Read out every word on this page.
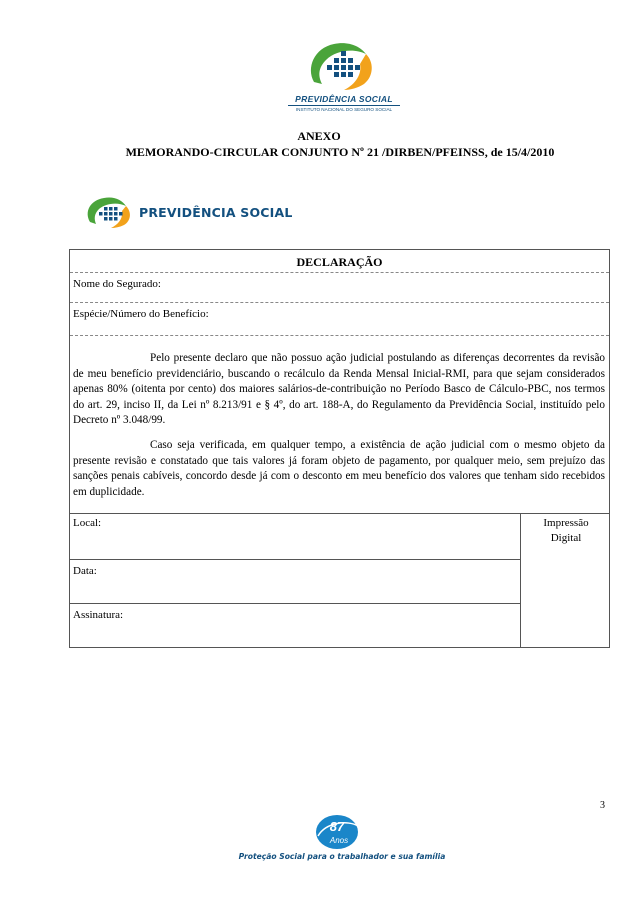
PREVIDÊNCIA SOCIAL
INSTITUTO NACIONAL DO SEGURO SOCIAL
ANEXO
MEMORANDO-CIRCULAR CONJUNTO Nº 21 /DIRBEN/PFEINSS, de 15/4/2010
PREVIDÊNCIA SOCIAL
DECLARAÇÃO
Nome do Segurado:
Espécie/Número do Benefício:

Pelo presente declaro que não possuo ação judicial postulando as diferenças decorrentes da revisão de meu benefício previdenciário, buscando o recálculo da Renda Mensal Inicial-RMI, para que sejam considerados apenas 80% (oitenta por cento) dos maiores salários-de-contribuição no Período Basco de Cálculo-PBC, nos termos do art. 29, inciso II, da Lei nº 8.213/91 e § 4º, do art. 188-A, do Regulamento da Previdência Social, instituído pelo Decreto nº 3.048/99.

Caso seja verificada, em qualquer tempo, a existência de ação judicial com o mesmo objeto da presente revisão e constatado que tais valores já foram objeto de pagamento, por qualquer meio, sem prejuízo das sanções penais cabíveis, concordo desde já com o desconto em meu benefício dos valores que tenham sido recebidos em duplicidade.

Local:
Data:
Assinatura:
Impressão
Digital
3
87
Anos
Proteção Social para o trabalhador e sua família
